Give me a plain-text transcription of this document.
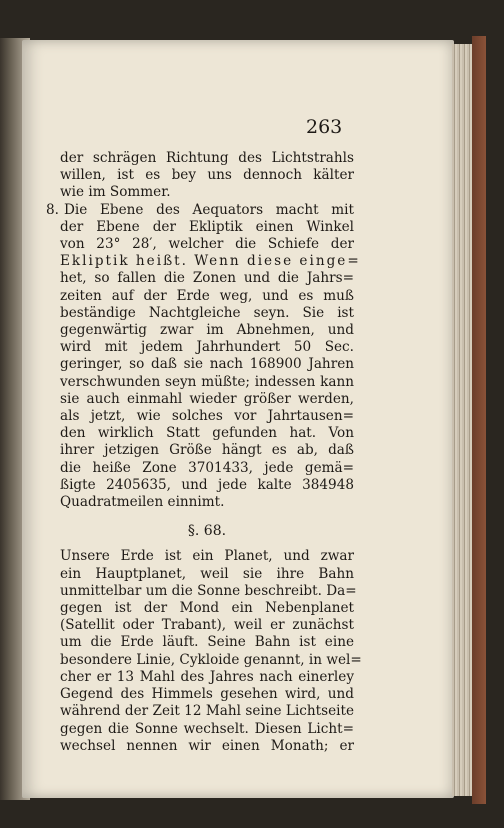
263
der schrägen Richtung des Lichtstrahls
willen, ist es bey uns dennoch kälter
wie im Sommer.
8. Die Ebene des Aequators macht mit
der Ebene der Ekliptik einen Winkel
von 23° 28′, welcher die Schiefe der
Ekliptik heißt. Wenn diese einge=
het, so fallen die Zonen und die Jahrs=
zeiten auf der Erde weg, und es muß
beständige Nachtgleiche seyn. Sie ist
gegenwärtig zwar im Abnehmen, und
wird mit jedem Jahrhundert 50 Sec.
geringer, so daß sie nach 168900 Jahren
verschwunden seyn müßte; indessen kann
sie auch einmahl wieder größer werden,
als jetzt, wie solches vor Jahrtausen=
den wirklich Statt gefunden hat. Von
ihrer jetzigen Größe hängt es ab, daß
die heiße Zone 3701433, jede gemä=
ßigte 2405635, und jede kalte 384948
Quadratmeilen einnimt.
§. 68.
Unsere Erde ist ein Planet, und zwar
ein Hauptplanet, weil sie ihre Bahn
unmittelbar um die Sonne beschreibt. Da=
gegen ist der Mond ein Nebenplanet
(Satellit oder Trabant), weil er zunächst
um die Erde läuft. Seine Bahn ist eine
besondere Linie, Cykloide genannt, in wel=
cher er 13 Mahl des Jahres nach einerley
Gegend des Himmels gesehen wird, und
während der Zeit 12 Mahl seine Lichtseite
gegen die Sonne wechselt. Diesen Licht=
wechsel nennen wir einen Monath; er
